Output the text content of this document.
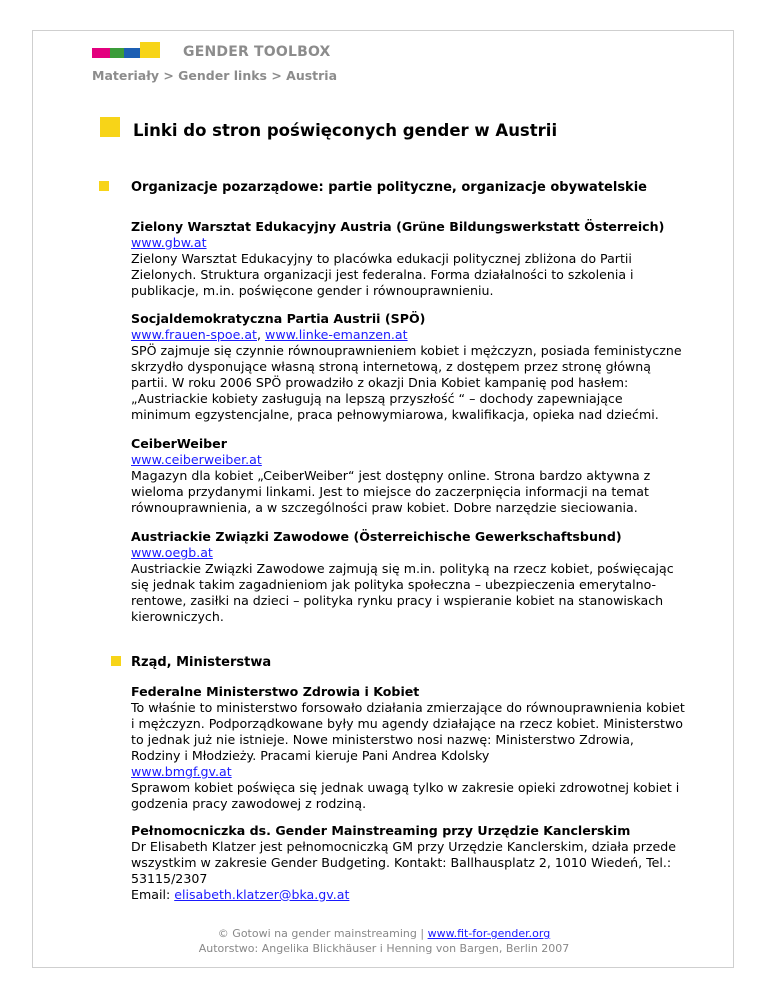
GENDER TOOLBOX
Materiały > Gender links > Austria
Linki do stron poświęconych gender w Austrii
Organizacje pozarządowe: partie polityczne, organizacje obywatelskie
Zielony Warsztat Edukacyjny Austria (Grüne Bildungswerkstatt Österreich)
www.gbw.at
Zielony Warsztat Edukacyjny to placówka edukacji politycznej zbliżona do Partii Zielonych. Struktura organizacji jest federalna. Forma działalności to szkolenia i publikacje, m.in. poświęcone gender i równouprawnieniu.
Socjaldemokratyczna Partia Austrii (SPÖ)
www.frauen-spoe.at, www.linke-emanzen.at
SPÖ zajmuje się czynnie równouprawnieniem kobiet i mężczyzn, posiada feministyczne skrzydło dysponujące własną stroną internetową, z dostępem przez stronę główną partii. W roku 2006 SPÖ prowadziło z okazji Dnia Kobiet kampanię pod hasłem: „Austriackie kobiety zasługują na lepszą przyszłość “ – dochody zapewniające minimum egzystencjalne, praca pełnowymiarowa, kwalifikacja, opieka nad dziećmi.
CeiberWeiber
www.ceiberweiber.at
Magazyn dla kobiet „CeiberWeiber“ jest dostępny online. Strona bardzo aktywna z wieloma przydanymi linkami. Jest to miejsce do zaczerpnięcia informacji na temat równouprawnienia, a w szczególności praw kobiet. Dobre narzędzie sieciowania.
Austriackie Związki Zawodowe (Österreichische Gewerkschaftsbund)
www.oegb.at
Austriackie Związki Zawodowe zajmują się m.in. polityką na rzecz kobiet, poświęcając się jednak takim zagadnieniom jak polityka społeczna – ubezpieczenia emerytalno-rentowe, zasiłki na dzieci – polityka rynku pracy i wspieranie kobiet na stanowiskach kierowniczych.
Rząd, Ministerstwa
Federalne Ministerstwo Zdrowia i Kobiet
To właśnie to ministerstwo forsowało działania zmierzające do równouprawnienia kobiet i mężczyzn. Podporządkowane były mu agendy działające na rzecz kobiet. Ministerstwo to jednak już nie istnieje. Nowe ministerstwo nosi nazwę: Ministerstwo Zdrowia, Rodziny i Młodzieży. Pracami kieruje Pani Andrea Kdolsky
www.bmgf.gv.at
Sprawom kobiet poświęca się jednak uwagą tylko w zakresie opieki zdrowotnej kobiet i godzenia pracy zawodowej z rodziną.
Pełnomocniczka ds. Gender Mainstreaming przy Urzędzie Kanclerskim
Dr Elisabeth Klatzer jest pełnomocniczką GM przy Urzędzie Kanclerskim, działa przede wszystkim w zakresie Gender Budgeting. Kontakt: Ballhausplatz 2, 1010 Wiedeń, Tel.: 53115/2307
Email: elisabeth.klatzer@bka.gv.at
© Gotowi na gender mainstreaming | www.fit-for-gender.org
Autorstwo: Angelika Blickhäuser i Henning von Bargen, Berlin 2007
